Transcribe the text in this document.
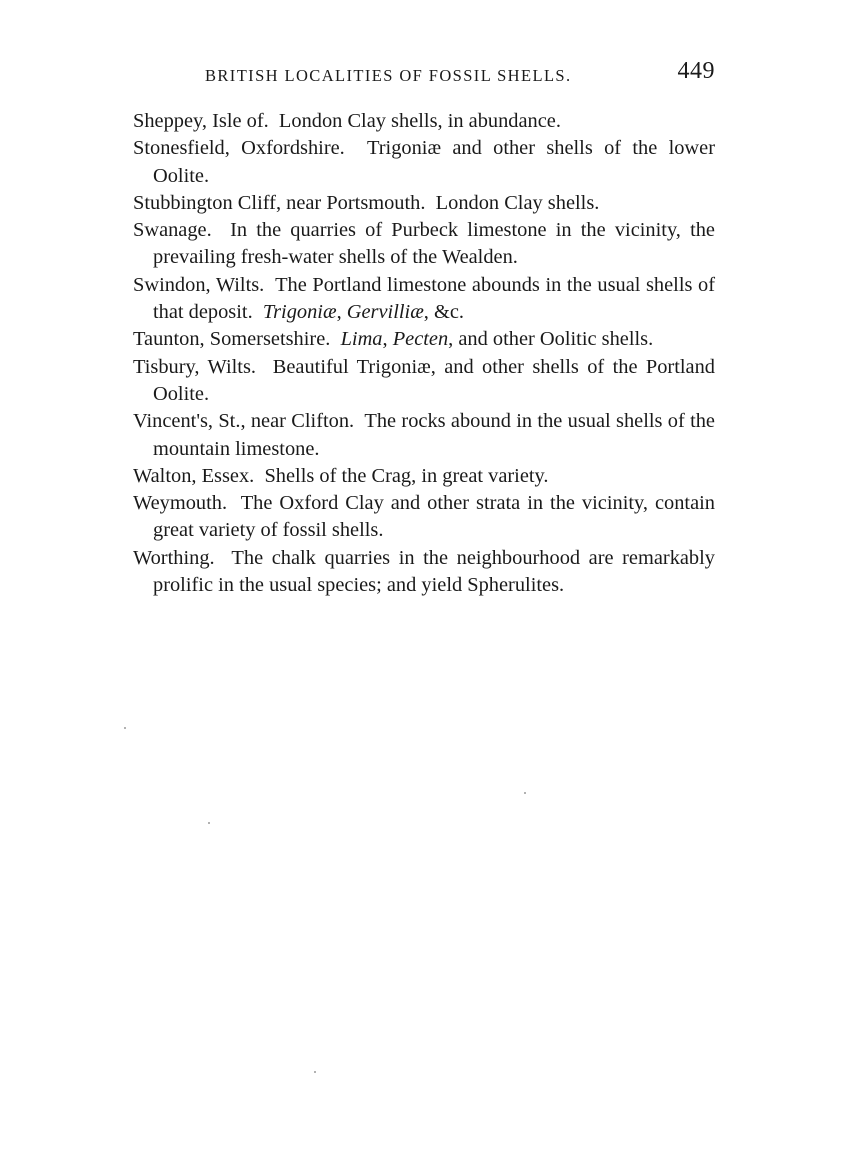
BRITISH LOCALITIES OF FOSSIL SHELLS.	449
Sheppey, Isle of. London Clay shells, in abundance.
Stonesfield, Oxfordshire. Trigoniæ and other shells of the lower Oolite.
Stubbington Cliff, near Portsmouth. London Clay shells.
Swanage. In the quarries of Purbeck limestone in the vicinity, the prevailing fresh-water shells of the Wealden.
Swindon, Wilts. The Portland limestone abounds in the usual shells of that deposit. Trigoniæ, Gervilliæ, &c.
Taunton, Somersetshire. Lima, Pecten, and other Oolitic shells.
Tisbury, Wilts. Beautiful Trigoniæ, and other shells of the Portland Oolite.
Vincent's, St., near Clifton. The rocks abound in the usual shells of the mountain limestone.
Walton, Essex. Shells of the Crag, in great variety.
Weymouth. The Oxford Clay and other strata in the vicinity, contain great variety of fossil shells.
Worthing. The chalk quarries in the neighbourhood are remarkably prolific in the usual species; and yield Spherulites.
